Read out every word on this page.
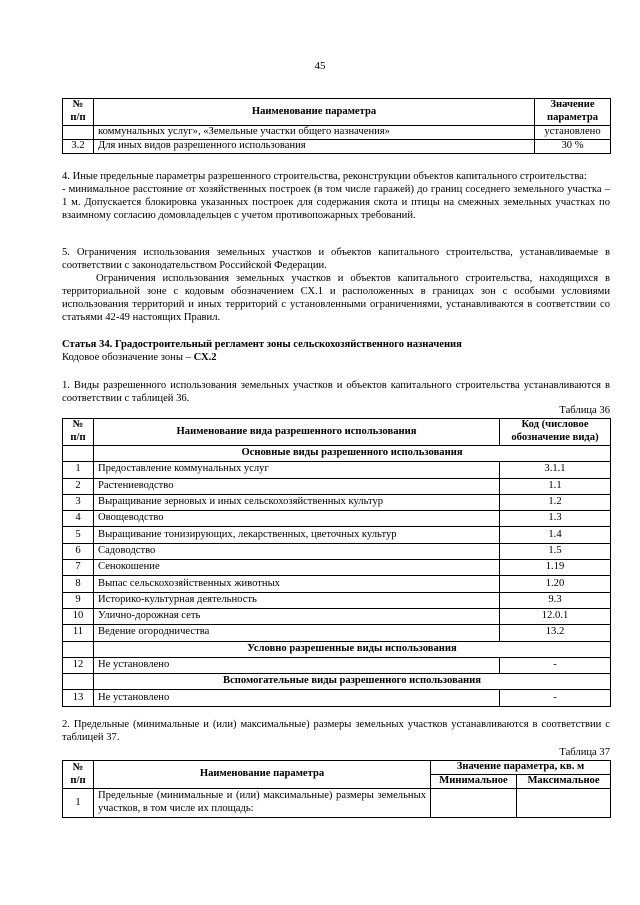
45
№
п/п	Наименование параметра	Значение
параметра
	коммунальных услуг», «Земельные участки общего назначения»	установлено
3.2	Для иных видов разрешенного использования	30 %
4. Иные предельные параметры разрешенного строительства, реконструкции объектов капитального строительства:
- минимальное расстояние от хозяйственных построек (в том числе гаражей) до границ соседнего земельного участка – 1 м. Допускается блокировка указанных построек для содержания скота и птицы на смежных земельных участках по взаимному согласию домовладельцев с учетом противопожарных требований.
5. Ограничения использования земельных участков и объектов капитального строительства, устанавливаемые в соответствии с законодательством Российской Федерации.
Ограничения использования земельных участков и объектов капитального строительства, находящихся в территориальной зоне с кодовым обозначением СХ.1 и расположенных в границах зон с особыми условиями использования территорий и иных территорий с установленными ограничениями, устанавливаются в соответствии со статьями 42-49 настоящих Правил.
Статья 34. Градостроительный регламент зоны сельскохозяйственного назначения
Кодовое обозначение зоны – СХ.2
1. Виды разрешенного использования земельных участков и объектов капитального строительства устанавливаются в соответствии с таблицей 36.
Таблица 36
№
п/п	Наименование вида разрешенного использования	Код (числовое
обозначение вида)
	Основные виды разрешенного использования	
1	Предоставление коммунальных услуг	3.1.1
2	Растениеводство	1.1
3	Выращивание зерновых и иных сельскохозяйственных культур	1.2
4	Овощеводство	1.3
5	Выращивание тонизирующих, лекарственных, цветочных культур	1.4
6	Садоводство	1.5
7	Сенокошение	1.19
8	Выпас сельскохозяйственных животных	1.20
9	Историко-культурная деятельность	9.3
10	Улично-дорожная сеть	12.0.1
11	Ведение огородничества	13.2
	Условно разрешенные виды использования	
12	Не установлено	-
	Вспомогательные виды разрешенного использования	
13	Не установлено	-
2. Предельные (минимальные и (или) максимальные) размеры земельных участков устанавливаются в соответствии с таблицей 37.
Таблица 37
№
п/п	Наименование параметра	Значение параметра, кв. м	
		Минимальное	Максимальное
1	Предельные (минимальные и (или) максимальные) размеры земельных участков, в том числе их площадь:		
